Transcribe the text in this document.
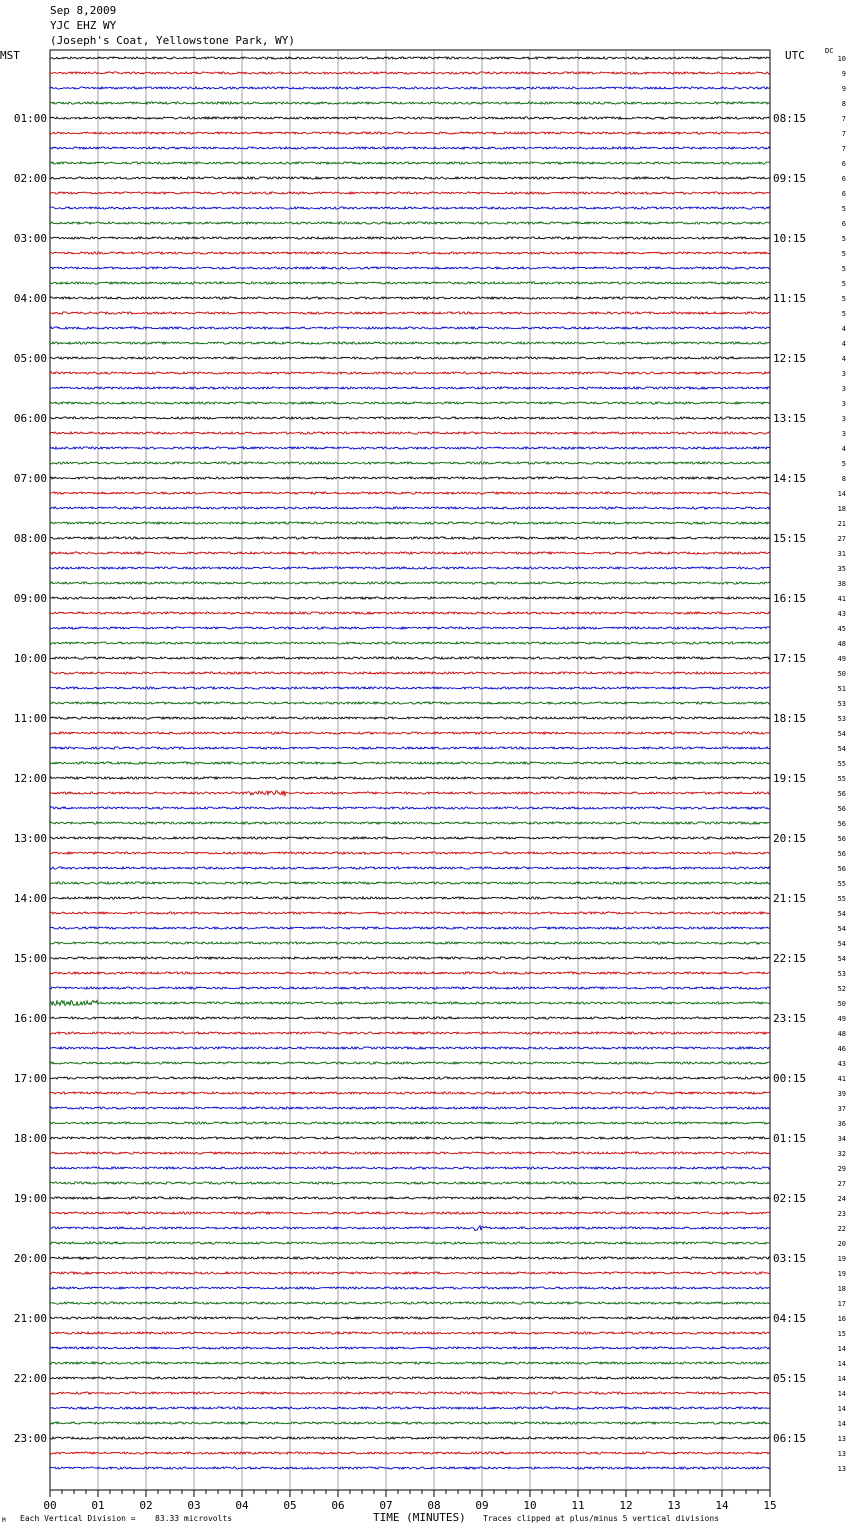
Sep 8,2009
YJC EHZ WY
(Joseph's Coat, Yellowstone Park, WY)
MST	UTC	DC
10
9
9
8
7
7
7
6
6
6
5
6
5
5
5
5
5
5
4
4
4
3
3
3
3
3
4
5
8
14
18
21
27
31
35
38
41
43
45
48
49
50
51
53
53
54
54
55
55
56
56
56
56
56
56
55
55
54
54
54
54
53
52
50
49
48
46
43
41
39
37
36
34
32
29
27
24
23
22
20
19
19
18
17
16
15
14
14
14
14
14
14
13
13
13
01:00
02:00
03:00
04:00
05:00
06:00
07:00
08:00
09:00
10:00
11:00
12:00
13:00
14:00
15:00
16:00
17:00
18:00
19:00
20:00
21:00
22:00
23:00
08:15
09:15
10:15
11:15
12:15
13:15
14:15
15:15
16:15
17:15
18:15
19:15
20:15
21:15
22:15
23:15
00:15
01:15
02:15
03:15
04:15
05:15
06:15
00	01	02	03	04	05	06	07	08	09	10	11	12	13	14	15
M Each Vertical Division = 83.33 microvolts	TIME (MINUTES) Traces clipped at plus/minus 5 vertical divisions
